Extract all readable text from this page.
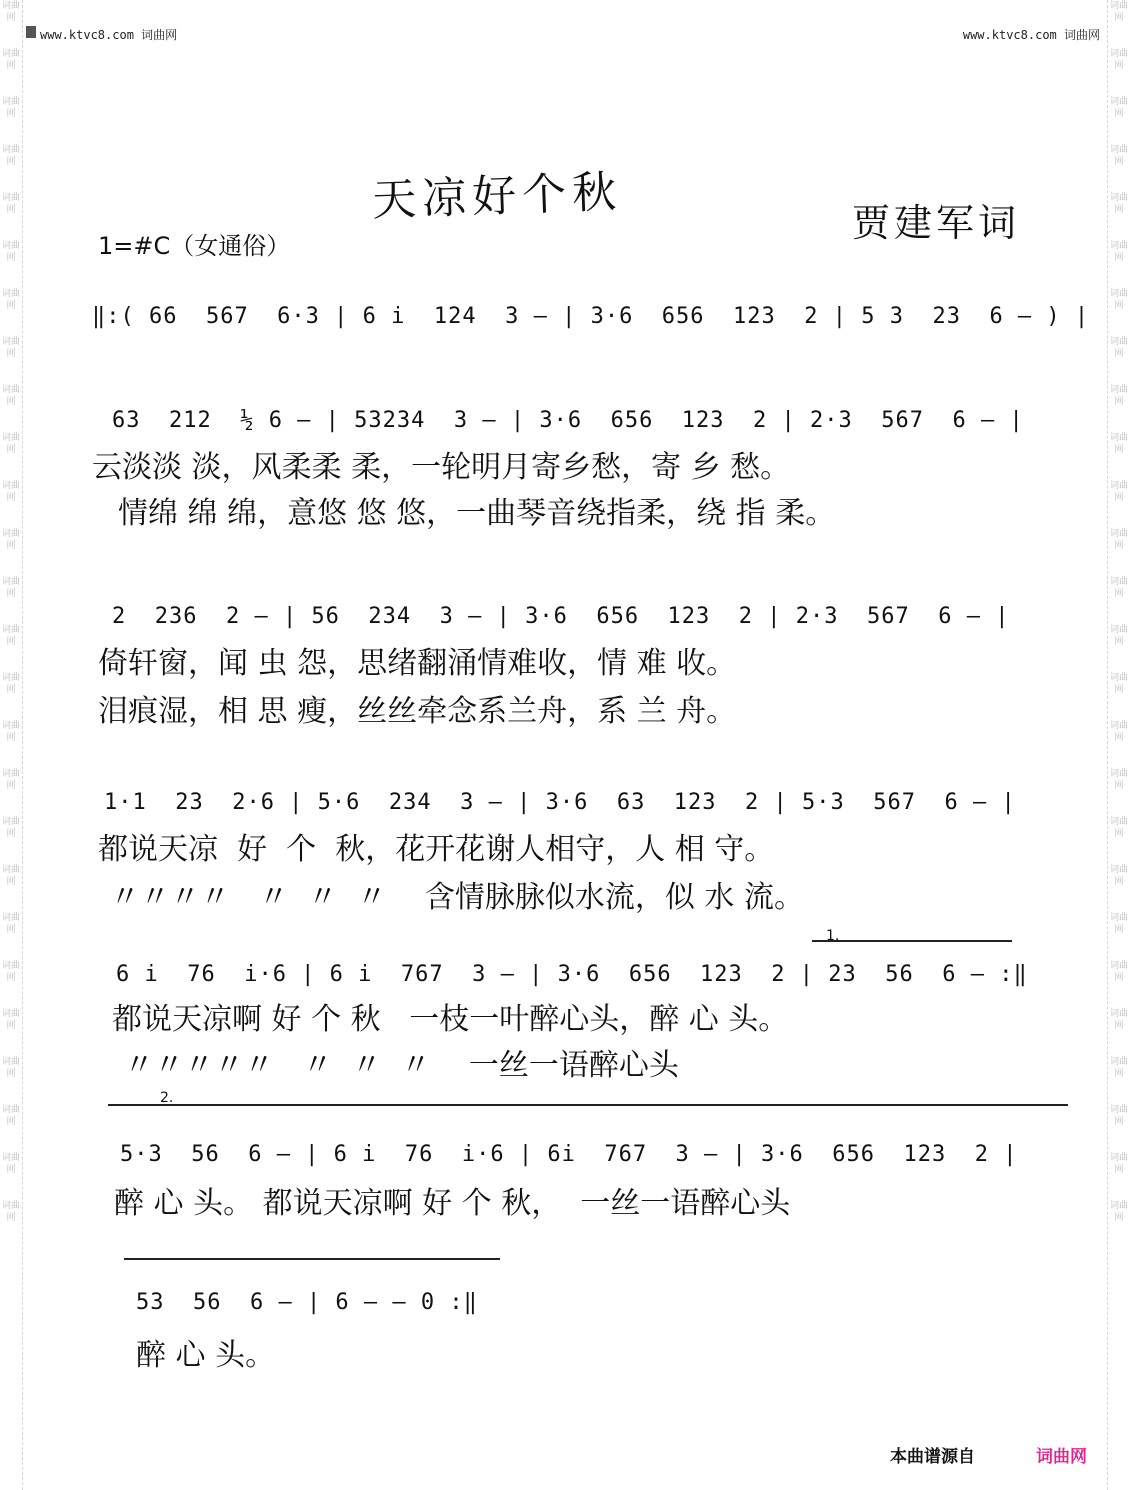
词曲网
词曲网
词曲网
词曲网
词曲网
词曲网
词曲网
词曲网
词曲网
词曲网
词曲网
词曲网
词曲网
词曲网
词曲网
词曲网
词曲网
词曲网
词曲网
词曲网
词曲网
词曲网
词曲网
词曲网
词曲网
词曲网
词曲网
词曲网
词曲网
词曲网
词曲网
词曲网
词曲网
词曲网
词曲网
词曲网
词曲网
词曲网
词曲网
词曲网
词曲网
词曲网
词曲网
词曲网
词曲网
词曲网
词曲网
词曲网
词曲网
词曲网
词曲网
词曲网
www.ktvc8.com 词曲网	www.ktvc8.com 词曲网
天凉好个秋	贾建军词
1=#C（女通俗）
‖:( 66  567  6·3 | 6 i  124  3 – | 3·6  656  123  2 | 5 3  23  6 – ) |
63  212  ½ 6 – | 53234  3 – | 3·6  656  123  2 | 2·3  567  6 – |
云淡淡 淡，风柔柔 柔，一轮明月寄乡愁，寄 乡 愁。
情绵 绵 绵，意悠 悠 悠，一曲琴音绕指柔，绕 指 柔。
2  236  2 – | 56  234  3 – | 3·6  656  123  2 | 2·3  567  6 – |
倚轩窗，闻 虫 怨，思绪翻涌情难收，情 难 收。
泪痕湿，相 思 瘦，丝丝牵念系兰舟，系 兰 舟。
1·1  23  2·6 | 5·6  234  3 – | 3·6  63  123  2 | 5·3  567  6 – |
都说天凉  好  个  秋，花开花谢人相守，人 相 守。
〃〃〃〃   〃  〃  〃    含情脉脉似水流，似 水 流。
1.
6 i  76  i·6 | 6 i  767  3 – | 3·6  656  123  2 | 23  56  6 – :‖
都说天凉啊 好 个 秋   一枝一叶醉心头，醉 心 头。
〃〃〃〃〃   〃  〃  〃    一丝一语醉心头
2.
5·3  56  6 – | 6 i  76  i·6 | 6i  767  3 – | 3·6  656  123  2 |
醉 心 头。 都说天凉啊 好 个 秋，  一丝一语醉心头
53  56  6 – | 6 – – 0 :‖
醉 心 头。
本曲谱源自	词曲网
